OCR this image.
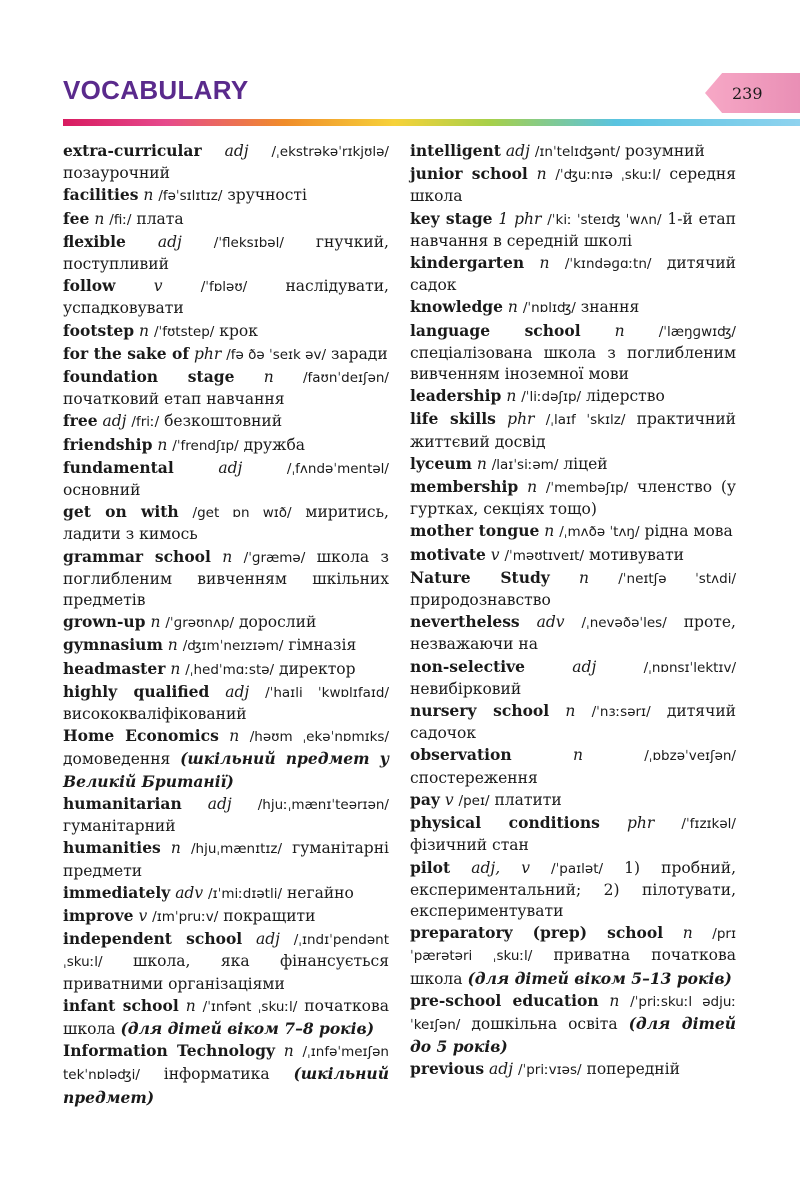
VOCABULARY	239

extra-curricular adj /ˌekstrəkəˈrɪkjʊlə/ позаурочний

facilities n /fəˈsɪlɪtɪz/ зручності

fee n /fiː/ плата

flexible adj /ˈfleksɪbəl/ гнучкий, поступливий

follow v	/ˈfɒləʊ/ наслідувати, успадковувати

footstep n /ˈfʊtstep/ крок

for the sake of phr /fə ðə ˈseɪk əv/ заради

foundation stage n /faʊnˈdeɪʃən/ початковий етап навчання

free adj /friː/ безкоштовний

friendship n /ˈfrendʃɪp/ дружба

fundamental	adj	/ˌfʌndəˈmentəl/ основний

get on with /get ɒn wɪð/ миритись, ладити з кимось

grammar school n /ˈɡræmə/ школа з поглибленим вивченням шкільних предметів

grown-up n /ˈɡrəʊnʌp/ дорослий

gymnasium n /ʤɪmˈneɪzɪəm/ гімназія

headmaster n /ˌhedˈmɑːstə/ директор

highly qualified adj /ˈhaɪli ˈkwɒlɪfaɪd/ висококваліфікований

Home Economics n /həʊm ˌekəˈnɒmɪks/ домоведення (шкільний предмет у Великій Британії)

humanitarian adj /hjuːˌmænɪˈteərɪən/ гуманітарний

humanities n /hjuˌmænɪtɪz/ гуманітарні предмети

immediately adv /ɪˈmiːdɪətli/ негайно

improve v /ɪmˈpruːv/ покращити

independent school adj /ˌɪndɪˈpendənt ˌskuːl/ школа, яка фінансується приватними організаціями

infant school n /ˈɪnfənt ˌskuːl/ початкова школа (для дітей віком 7–8 років)

Information Technology n /ˌɪnfəˈmeɪʃən tekˈnɒləʤi/ інформатика (шкільний предмет)

intelligent adj /ɪnˈtelɪʤənt/ розумний

junior school n /ˈʤuːnɪə ˌskuːl/ середня школа

key stage 1 phr /ˈkiː ˈsteɪʤ ˈwʌn/ 1-й етап навчання в середній школі

kindergarten n /ˈkɪndəɡɑːtn/ дитячий садок

knowledge n /ˈnɒlɪʤ/ знання

language school n	/ˈlæŋɡwɪʤ/ спеціалізована школа з поглибленим вивченням іноземної мови

leadership n /ˈliːdəʃɪp/ лідерство

life skills phr /ˌlaɪf ˈskɪlz/ практичний життєвий досвід

lyceum n /laɪˈsiːəm/ ліцей

membership n /ˈmembəʃɪp/ членство (у гуртках, секціях тощо)

mother tongue n /ˌmʌðə ˈtʌŋ/ рідна мова

motivate v /ˈməʊtɪveɪt/ мотивувати

Nature Study n /ˈneɪtʃə ˈstʌdi/ природознавство

nevertheless adv /ˌnevəðəˈles/ проте, незважаючи на

non-selective	adj	/ˌnɒnsɪˈlektɪv/ невибірковий

nursery school n /ˈnɜːsərɪ/ дитячий садочок

observation	n	/ˌɒbzəˈveɪʃən/ спостереження

pay v /peɪ/ платити

physical conditions phr /ˈfɪzɪkəl/ фізичний стан

pilot adj, v /ˈpaɪlət/ 1) пробний, експериментальний; 2) пілотувати, експериментувати

preparatory (prep) school n /prɪˈpærətəri ˌskuːl/ приватна початкова школа (для дітей віком 5–13 років)

pre-school education n /ˈpriːskuːl ədjuːˈkeɪʃən/ дошкільна освіта (для дітей до 5 років)

previous adj /ˈpriːvɪəs/ попередній
